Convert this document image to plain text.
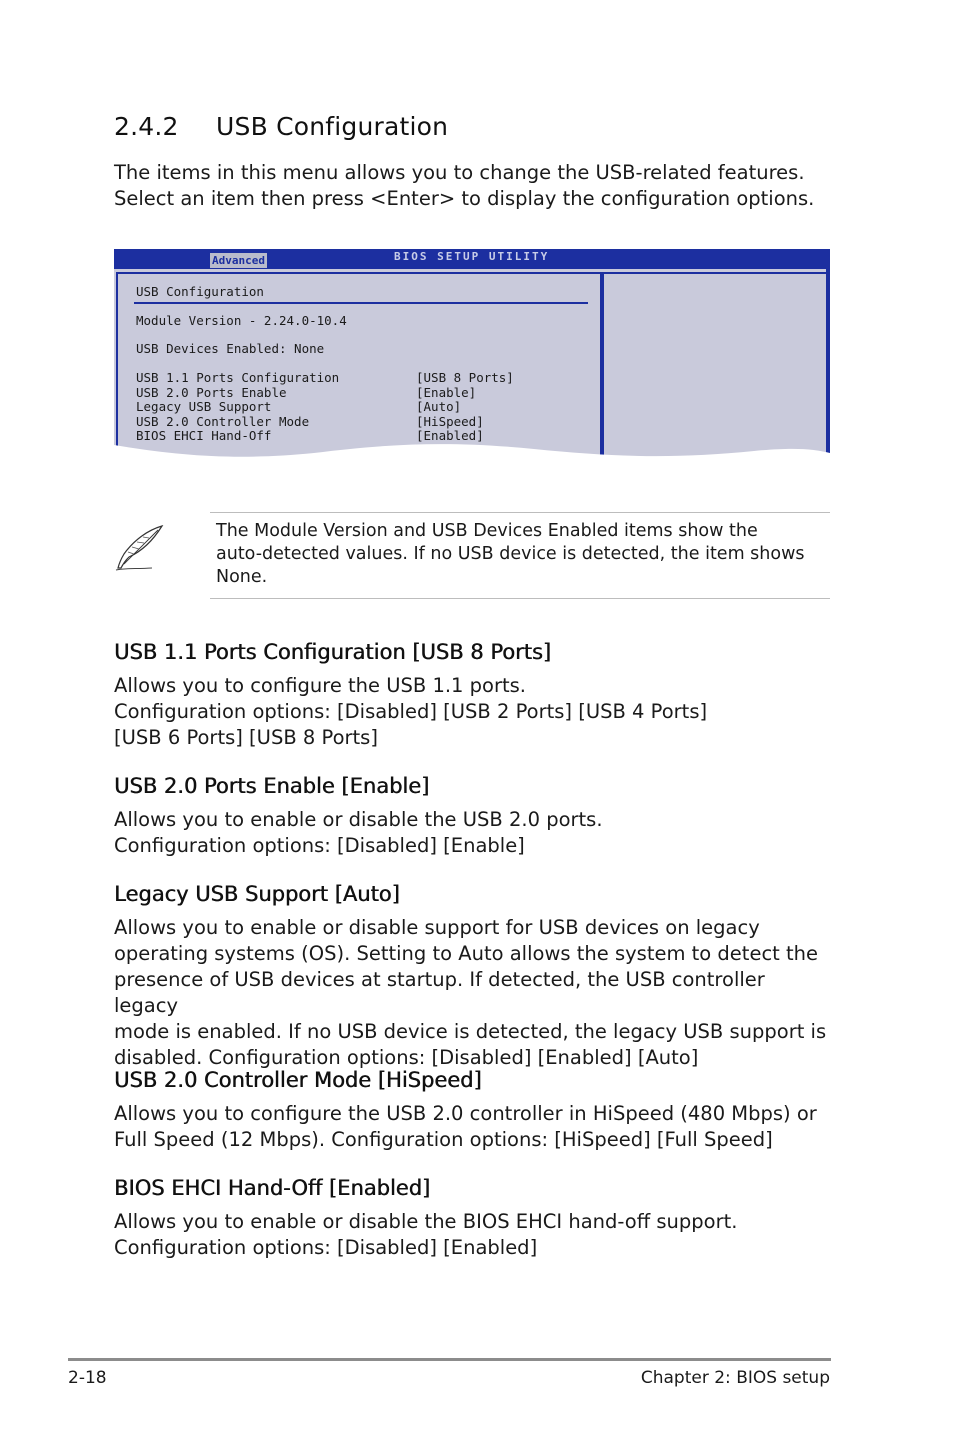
2.4.2 USB Configuration

The items in this menu allows you to change the USB-related features.

Select an item then press <Enter> to display the configuration options.

Advanced	BIOS SETUP UTILITY
USB Configuration
Module Version - 2.24.0-10.4
USB Devices Enabled: None
USB 1.1 Ports Configuration	[USB 8 Ports]
USB 2.0 Ports Enable	[Enable]
Legacy USB Support	[Auto]
USB 2.0 Controller Mode	[HiSpeed]
BIOS EHCI Hand-Off	[Enabled]
The Module Version and USB Devices Enabled items show the
auto-detected values. If no USB device is detected, the item shows
None.
USB 1.1 Ports Configuration [USB 8 Ports]

Allows you to configure the USB 1.1 ports.

Configuration options: [Disabled] [USB 2 Ports] [USB 4 Ports]

[USB 6 Ports] [USB 8 Ports]

USB 2.0 Ports Enable [Enable]

Allows you to enable or disable the USB 2.0 ports.

Configuration options: [Disabled] [Enable]

Legacy USB Support [Auto]

Allows you to enable or disable support for USB devices on legacy

operating systems (OS). Setting to Auto allows the system to detect the

presence of USB devices at startup. If detected, the USB controller legacy

mode is enabled. If no USB device is detected, the legacy USB support is

disabled. Configuration options: [Disabled] [Enabled] [Auto]

USB 2.0 Controller Mode [HiSpeed]

Allows you to configure the USB 2.0 controller in HiSpeed (480 Mbps) or

Full Speed (12 Mbps). Configuration options: [HiSpeed] [Full Speed]

BIOS EHCI Hand-Off [Enabled]

Allows you to enable or disable the BIOS EHCI hand-off support.

Configuration options: [Disabled] [Enabled]

2-18	Chapter 2: BIOS setup
